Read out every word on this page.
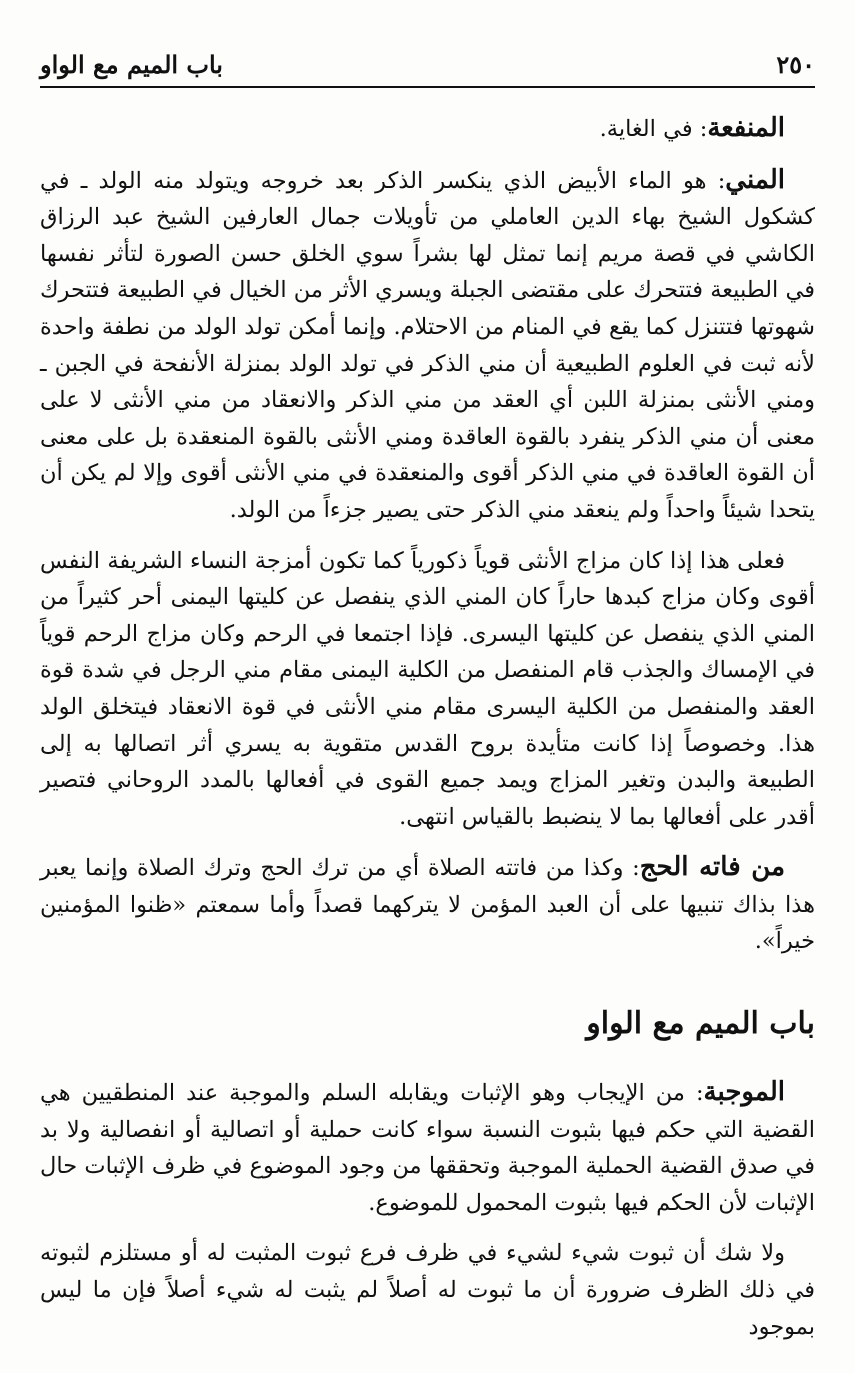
٢٥٠
باب الميم مع الواو

المنفعة: في الغاية.

المني: هو الماء الأبيض الذي ينكسر الذكر بعد خروجه ويتولد منه الولد ـ في كشكول الشيخ بهاء الدين العاملي من تأويلات جمال العارفين الشيخ عبد الرزاق الكاشي في قصة مريم إنما تمثل لها بشراً سوي الخلق حسن الصورة لتأثر نفسها في الطبيعة فتتحرك على مقتضى الجبلة ويسري الأثر من الخيال في الطبيعة فتتحرك شهوتها فتتنزل كما يقع في المنام من الاحتلام. وإنما أمكن تولد الولد من نطفة واحدة لأنه ثبت في العلوم الطبيعية أن مني الذكر في تولد الولد بمنزلة الأنفحة في الجبن ـ ومني الأنثى بمنزلة اللبن أي العقد من مني الذكر والانعقاد من مني الأنثى لا على معنى أن مني الذكر ينفرد بالقوة العاقدة ومني الأنثى بالقوة المنعقدة بل على معنى أن القوة العاقدة في مني الذكر أقوى والمنعقدة في مني الأنثى أقوى وإلا لم يكن أن يتحدا شيئاً واحداً ولم ينعقد مني الذكر حتى يصير جزءاً من الولد.

فعلى هذا إذا كان مزاج الأنثى قوياً ذكورياً كما تكون أمزجة النساء الشريفة النفس أقوى وكان مزاج كبدها حاراً كان المني الذي ينفصل عن كليتها اليمنى أحر كثيراً من المني الذي ينفصل عن كليتها اليسرى. فإذا اجتمعا في الرحم وكان مزاج الرحم قوياً في الإمساك والجذب قام المنفصل من الكلية اليمنى مقام مني الرجل في شدة قوة العقد والمنفصل من الكلية اليسرى مقام مني الأنثى في قوة الانعقاد فيتخلق الولد هذا. وخصوصاً إذا كانت متأيدة بروح القدس متقوية به يسري أثر اتصالها به إلى الطبيعة والبدن وتغير المزاج ويمد جميع القوى في أفعالها بالمدد الروحاني فتصير أقدر على أفعالها بما لا ينضبط بالقياس انتهى.

من فاته الحج: وكذا من فاتته الصلاة أي من ترك الحج وترك الصلاة وإنما يعبر هذا بذاك تنبيها على أن العبد المؤمن لا يتركهما قصداً وأما سمعتم «ظنوا المؤمنين خيراً».

باب الميم مع الواو

الموجبة: من الإيجاب وهو الإثبات ويقابله السلم والموجبة عند المنطقيين هي القضية التي حكم فيها بثبوت النسبة سواء كانت حملية أو اتصالية أو انفصالية ولا بد في صدق القضية الحملية الموجبة وتحققها من وجود الموضوع في ظرف الإثبات حال الإثبات لأن الحكم فيها بثبوت المحمول للموضوع.

ولا شك أن ثبوت شيء لشيء في ظرف فرع ثبوت المثبت له أو مستلزم لثبوته في ذلك الظرف ضرورة أن ما ثبوت له أصلاً لم يثبت له شيء أصلاً فإن ما ليس بموجود
